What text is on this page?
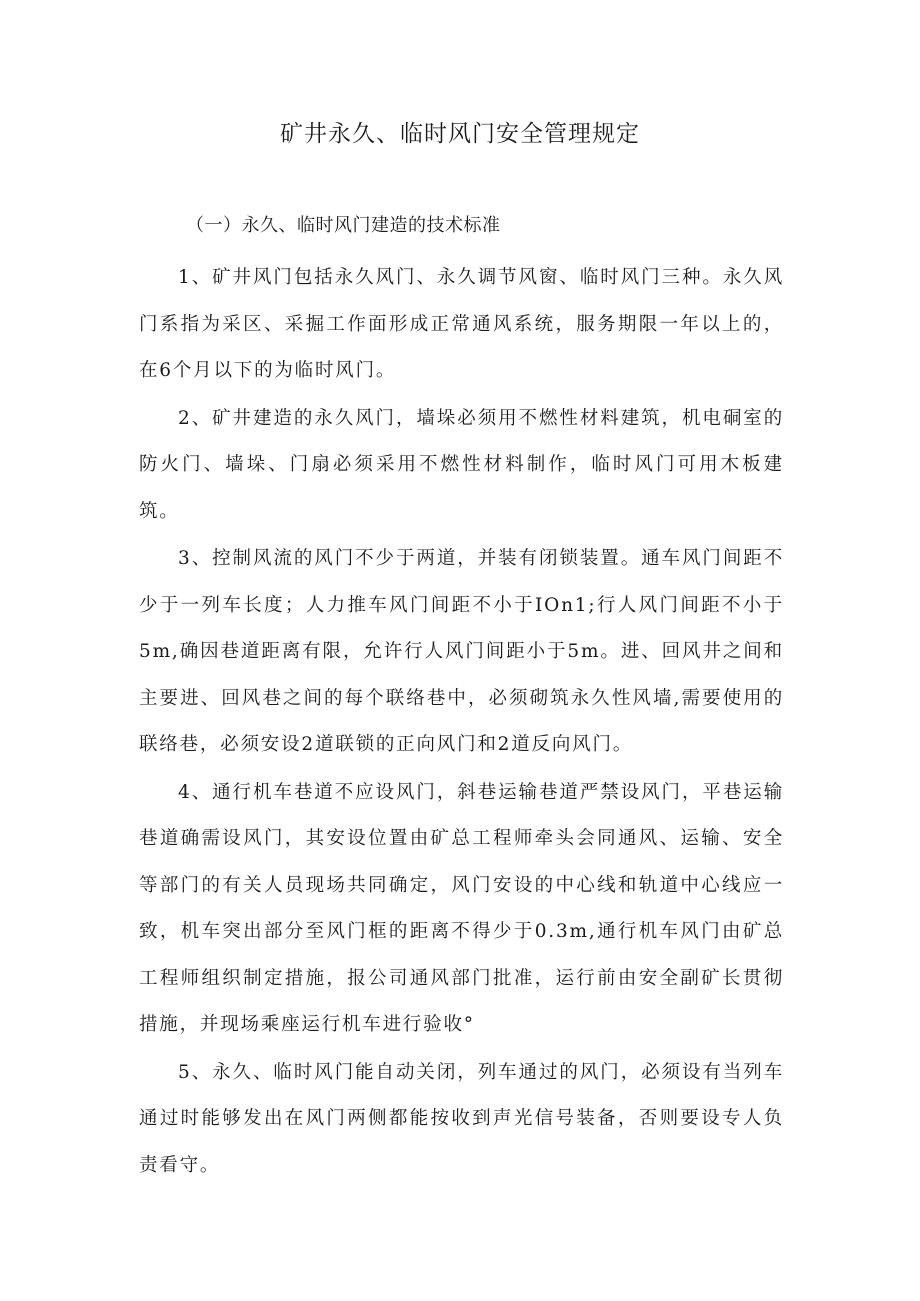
矿井永久、临时风门安全管理规定
（一）永久、临时风门建造的技术标准

1、矿井风门包括永久风门、永久调节风窗、临时风门三种。永久风门系指为采区、采掘工作面形成正常通风系统，服务期限一年以上的，在6个月以下的为临时风门。

2、矿井建造的永久风门，墙垛必须用不燃性材料建筑，机电硐室的防火门、墙垛、门扇必须采用不燃性材料制作，临时风门可用木板建筑。

3、控制风流的风门不少于两道，并装有闭锁装置。通车风门间距不少于一列车长度；人力推车风门间距不小于IOn1;行人风门间距不小于5m,确因巷道距离有限，允许行人风门间距小于5m。进、回风井之间和主要进、回风巷之间的每个联络巷中，必须砌筑永久性风墙,需要使用的联络巷，必须安设2道联锁的正向风门和2道反向风门。

4、通行机车巷道不应设风门，斜巷运输巷道严禁设风门，平巷运输巷道确需设风门，其安设位置由矿总工程师牵头会同通风、运输、安全等部门的有关人员现场共同确定，风门安设的中心线和轨道中心线应一致，机车突出部分至风门框的距离不得少于0.3m,通行机车风门由矿总工程师组织制定措施，报公司通风部门批准，运行前由安全副矿长贯彻措施，并现场乘座运行机车进行验收°

5、永久、临时风门能自动关闭，列车通过的风门，必须设有当列车通过时能够发出在风门两侧都能按收到声光信号装备，否则要设专人负责看守。
